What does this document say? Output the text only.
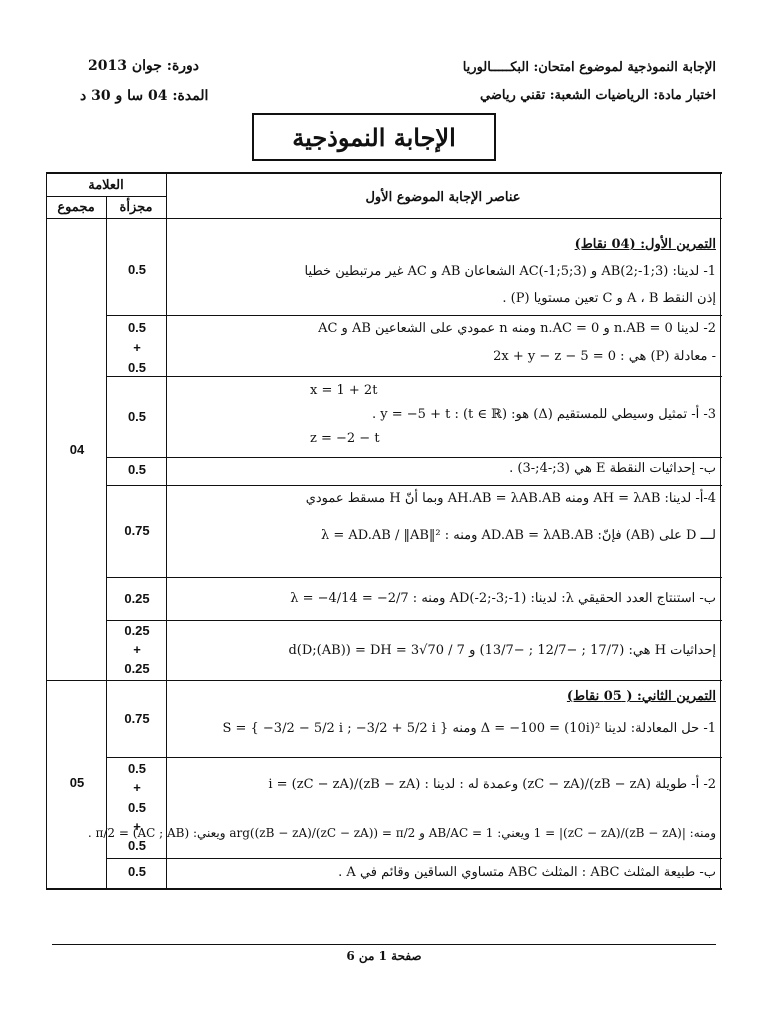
الإجابة النموذجية لموضوع امتحان: البكـــــالوريا
اختبار مادة: الرياضيات الشعبة: تقني رياضي
دورة: جوان 2013
المدة: 04 سا و 30 د
الإجابة النموذجية
العلامة
مجزأة
مجموع
عناصر الإجابة الموضوع الأول
0.5
0.5
+
0.5
0.5
0.5
0.75
0.25
0.25
+
0.25
0.75
0.5
+
0.5
+
0.5
0.5
04
05
التمرين الأول: (04 نقاط)
1- لدينا: AB(2;-1;3) و AC(-1;5;3) الشعاعان AB و AC غير مرتبطين خطيا
إذن النقط A ، B و C تعين مستويا (P) .
2- لدينا n.AB = 0 و n.AC = 0 ومنه n عمودي على الشعاعين AB و AC
- معادلة (P) هي : 2x + y − z − 5 = 0
x = 1 + 2t
3- أ- تمثيل وسيطي للمستقيم (Δ) هو: (t ∈ ℝ) : y = −5 + t .
z = −2 − t
ب- إحداثيات النقطة E هي (3;-4;-3) .
4-أ- لدينا: AH = λAB ومنه AH.AB = λAB.AB وبما أنّ H مسقط عمودي
لـــ D على (AB) فإنّ: AD.AB = λAB.AB ومنه : λ = AD.AB / ‖AB‖²
ب- استنتاج العدد الحقيقي λ: لدينا: AD(-2;-3;-1) ومنه : λ = −4/14 = −2/7
إحداثيات H هي: (17/7 ; −12/7 ; −13/7) و d(D;(AB)) = DH = 3√70 / 7
التمرين الثاني: ( 05 نقاط)
1- حل المعادلة: لدينا Δ = −100 = (10i)² ومنه S = { −3/2 − 5/2 i ; −3/2 + 5/2 i }
2- أ- طويلة (zB − zA)/(zC − zA) وعمدة له : لدينا : (zB − zA)/(zC − zA) = i
ومنه: |(zB − zA)/(zC − zA)| = 1 ويعني: AB/AC = 1 و arg((zB − zA)/(zC − zA)) = π/2 ويعني: (AC ; AB) = π/2 .
ب- طبيعة المثلث ABC : المثلث ABC متساوي الساقين وقائم في A .
صفحة 1 من 6
